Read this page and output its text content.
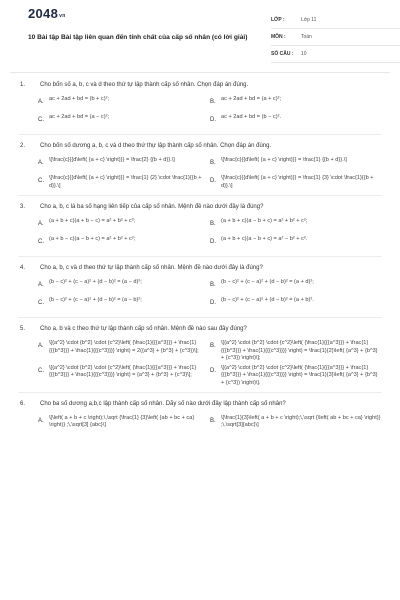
2048vn
10 Bài tập Bài tập liên quan đến tính chất của cấp số nhân (có lời giải)
LỚP :	Lớp 11
MÔN :	Toán
SỐ CÂU : 10
1. Cho bốn số a, b, c và d theo thứ tự lập thành cấp số nhân. Chọn đáp án đúng.
A. ac + 2ad + bd = (b + c)²;	B. ac + 2ad + bd = (a + c)²;
C. ac + 2ad + bd = (a − c)²;	D. ac + 2ad + bd = (b − c)².
2. Cho bốn số dương a, b, c và d theo thứ thự lập thành cấp số nhân. Chọn đáp án đúng.
A. \[\frac{c}{{d\left( {a + c} \right)}} = \frac{2} {{b + d}}.\]	B. \[\frac{c}{{d\left( {a + c} \right)}} = \frac{1} {{b + d}}.\]
C. \[\frac{c}{{d\left( {a + c} \right)}} = \frac{1} {2} \cdot \frac{1}{{b + d}}.\]
D. \[\frac{c}{{d\left( {a + c} \right)}} = \frac{1} {3} \cdot \frac{1}{{b + d}}.\]
3. Cho a, b, c là ba số hạng liên tiếp của cấp số nhân. Mệnh đề nào dưới đây là đúng?
A. (a + b + c)(a + b − c) = a² + b² + c²;	B. (a + b + c)(a − b + c) = a² + b² + c²;
C. (a + b − c)(a − b + c) = a² + b² + c²;	D. (a + b + c)(a − b + c) = a² − b² + c².
4. Cho a, b, c và d theo thứ tự lập thành cấp số nhân. Mệnh đề nào dưới đây là đúng?
A. (b − c)² + (c − a)² + (d − b)² = (a − d)²;	B. (b − c)² + (c − a)² + (d − b)² = (a + d)²;
C. (b − c)² + (c − a)² + (d − b)² = (a − b)²;	D. (b − c)² + (c − a)² + (d − b)² = (a + b)².
5. Cho a, b và c theo thứ tự lập thành cấp số nhân. Mệnh đề nào sau đây đúng?
A. \[{a^2} \cdot {b^2} \cdot {c^2}\left( {\frac{1}{{{a^3}}} + \frac{1}{{{b^3}}} + \frac{1}{{{c^3}}}} \right) = 2({a^3} + {b^3} + {c^3})\];
B. \[{a^2} \cdot {b^2} \cdot {c^2}\left( {\frac{1}{{{a^3}}} + \frac{1}{{{b^3}}} + \frac{1}{{{c^3}}}} \right) = \frac{1}{2}\left( {a^3} + {b^3} + {c^3}) \right)\];
C. \[{a^2} \cdot {b^2} \cdot {c^2}\left( {\frac{1}{{{a^3}}} + \frac{1}{{{b^3}}} + \frac{1}{{{c^3}}}} \right) = {a^3} + {b^3} + {c^3}\];
D. \[{a^2} \cdot {b^2} \cdot {c^2}\left( {\frac{1}{{{a^3}}} + \frac{1}{{{b^3}}} + \frac{1}{{{c^3}}}} \right) = \frac{1}{3}\left( {a^3} + {b^3} + {c^3}) \right)\].
6. Cho ba số dương a,b,c lập thành cấp số nhân. Dãy số nào dưới đây lập thành cấp số nhân?
A. \[\left( a + b + c \right);\,\sqrt {\frac{1} {3}\left( {ab + bc + ca} \right)} ;\,\sqrt[3] {abc}\]
B. \[\frac{1}{3}\left( a + b + c \right);\,\sqrt {\left( ab + bc + ca} \right)} ;\,\sqrt[3]{abc}\]
